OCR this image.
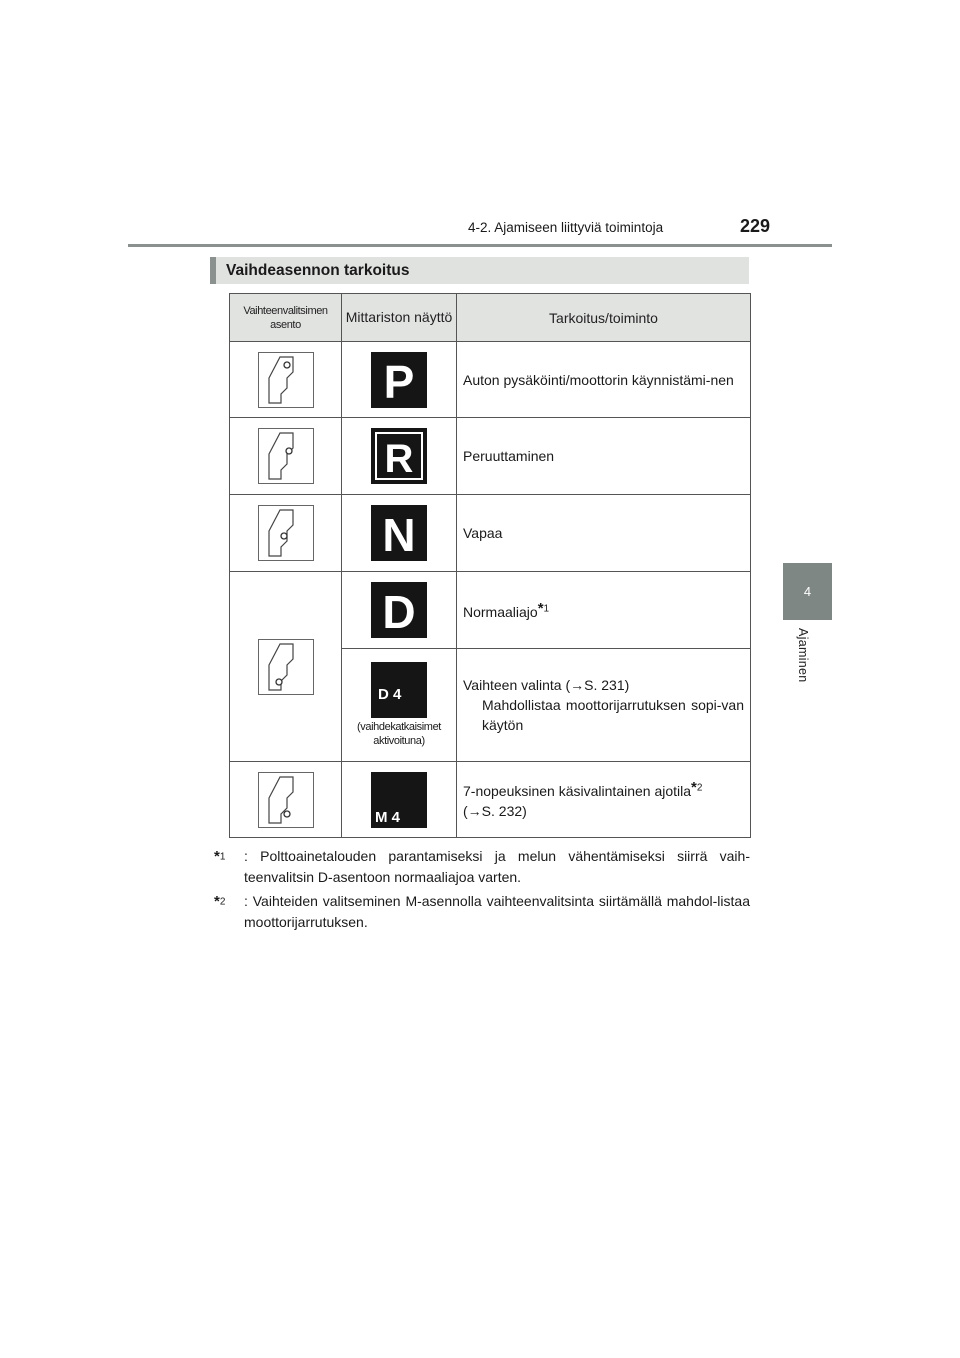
4-2. Ajamiseen liittyviä toimintoja	229
4
Ajaminen
Vaihdeasennon tarkoitus
Vaihteenvalitsimen asento	Mittariston näyttö	Tarkoitus/toiminto

P	Auton pysäköinti/moottorin käynnistämi-nen

R	Peruuttaminen

N	Vapaa

D	Normaaliajo*$^1$

D 4
(vaihdekatkaisimet aktivoituna)	Vaihteen valinta (→S. 231)
Mahdollistaa moottorijarrutuksen sopi-van käytön

M 4	7-nopeuksinen käsivalintainen ajotila*$^2$
(→S. 232)
*$^1$	: Polttoainetalouden parantamiseksi ja melun vähentämiseksi siirrä vaih-teenvalitsin D-asentoon normaaliajoa varten.
*$^2$	: Vaihteiden valitseminen M-asennolla vaihteenvalitsinta siirtämällä mahdol-listaa moottorijarrutuksen.
